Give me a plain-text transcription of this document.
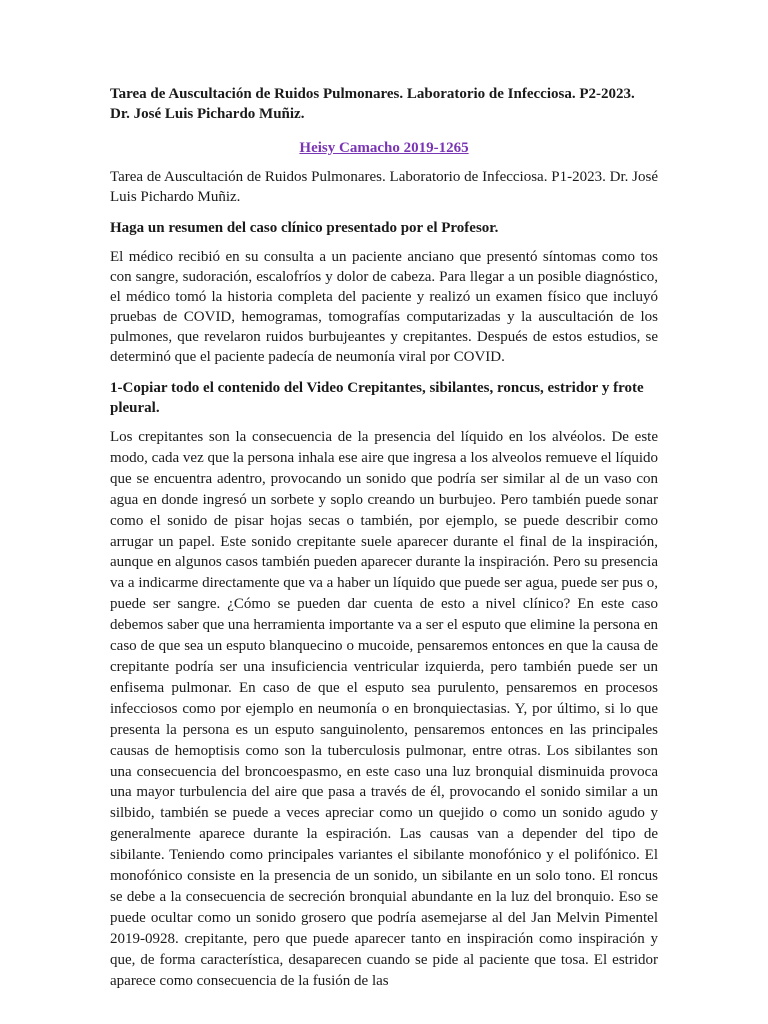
Tarea de Auscultación de Ruidos Pulmonares. Laboratorio de Infecciosa. P2-2023. Dr. José Luis Pichardo Muñiz.
Heisy Camacho 2019-1265
Tarea de Auscultación de Ruidos Pulmonares. Laboratorio de Infecciosa. P1-2023. Dr. José Luis Pichardo Muñiz.
Haga un resumen del caso clínico presentado por el Profesor.
El médico recibió en su consulta a un paciente anciano que presentó síntomas como tos con sangre, sudoración, escalofríos y dolor de cabeza. Para llegar a un posible diagnóstico, el médico tomó la historia completa del paciente y realizó un examen físico que incluyó pruebas de COVID, hemogramas, tomografías computarizadas y la auscultación de los pulmones, que revelaron ruidos burbujeantes y crepitantes. Después de estos estudios, se determinó que el paciente padecía de neumonía viral por COVID.
1-Copiar todo el contenido del Video Crepitantes, sibilantes, roncus, estridor y frote pleural.
Los crepitantes son la consecuencia de la presencia del líquido en los alvéolos. De este modo, cada vez que la persona inhala ese aire que ingresa a los alveolos remueve el líquido que se encuentra adentro, provocando un sonido que podría ser similar al de un vaso con agua en donde ingresó un sorbete y soplo creando un burbujeo. Pero también puede sonar como el sonido de pisar hojas secas o también, por ejemplo, se puede describir como arrugar un papel. Este sonido crepitante suele aparecer durante el final de la inspiración, aunque en algunos casos también pueden aparecer durante la inspiración. Pero su presencia va a indicarme directamente que va a haber un líquido que puede ser agua, puede ser pus o, puede ser sangre. ¿Cómo se pueden dar cuenta de esto a nivel clínico? En este caso debemos saber que una herramienta importante va a ser el esputo que elimine la persona en caso de que sea un esputo blanquecino o mucoide, pensaremos entonces en que la causa de crepitante podría ser una insuficiencia ventricular izquierda, pero también puede ser un enfisema pulmonar. En caso de que el esputo sea purulento, pensaremos en procesos infecciosos como por ejemplo en neumonía o en bronquiectasias. Y, por último, si lo que presenta la persona es un esputo sanguinolento, pensaremos entonces en las principales causas de hemoptisis como son la tuberculosis pulmonar, entre otras. Los sibilantes son una consecuencia del broncoespasmo, en este caso una luz bronquial disminuida provoca una mayor turbulencia del aire que pasa a través de él, provocando el sonido similar a un silbido, también se puede a veces apreciar como un quejido o como un sonido agudo y generalmente aparece durante la espiración. Las causas van a depender del tipo de sibilante. Teniendo como principales variantes el sibilante monofónico y el polifónico. El monofónico consiste en la presencia de un sonido, un sibilante en un solo tono. El roncus se debe a la consecuencia de secreción bronquial abundante en la luz del bronquio. Eso se puede ocultar como un sonido grosero que podría asemejarse al del Jan Melvin Pimentel 2019-0928. crepitante, pero que puede aparecer tanto en inspiración como inspiración y que, de forma característica, desaparecen cuando se pide al paciente que tosa. El estridor aparece como consecuencia de la fusión de las
